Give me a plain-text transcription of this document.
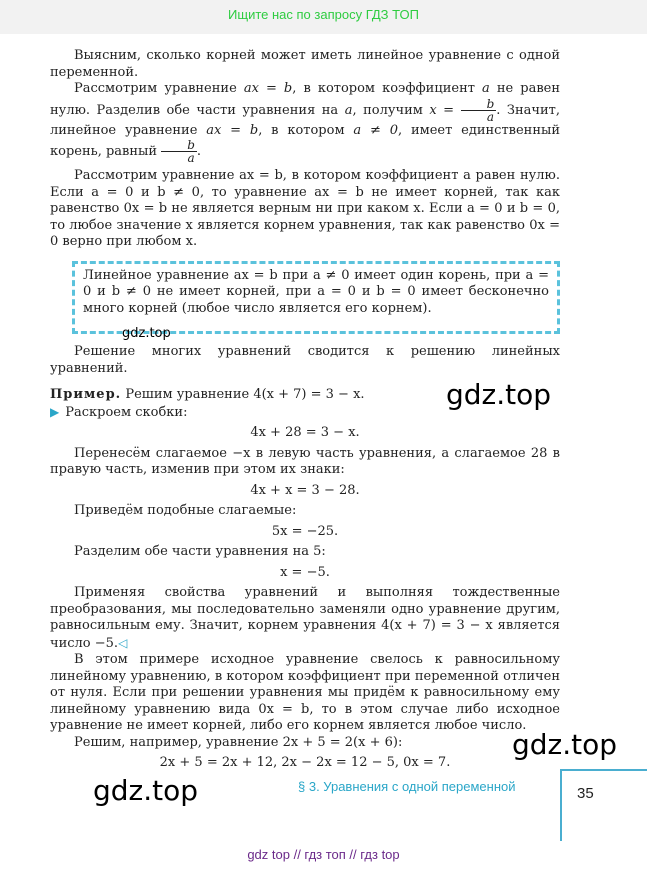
Ищите нас по запросу ГДЗ ТОП

Выясним, сколько корней может иметь линейное уравнение с одной переменной.

Рассмотрим уравнение ax = b, в котором коэффициент a не равен нулю. Разделив обе части уравнения на a, получим $x = \frac{b}{a}$ . Значит, линейное уравнение ax = b, в котором a ≠ 0, имеет единственный корень, равный $\frac{b}{a}$ .

Рассмотрим уравнение ax = b, в котором коэффициент a равен нулю. Если a = 0 и b ≠ 0, то уравнение ax = b не имеет корней, так как равенство 0x = b не является верным ни при каком x. Если a = 0 и b = 0, то любое значение x является корнем уравнения, так как равенство 0x = 0 верно при любом x.

Линейное уравнение ax = b при a ≠ 0 имеет один корень, при a = 0 и b ≠ 0 не имеет корней, при a = 0 и b = 0 имеет бесконечно много корней (любое число является его корнем).

Решение многих уравнений сводится к решению линейных уравнений.

Пример. Решим уравнение 4(x + 7) = 3 − x.

▶ Раскроем скобки:

4x + 28 = 3 − x.

Перенесём слагаемое −x в левую часть уравнения, а слагаемое 28 в правую часть, изменив при этом их знаки:

4x + x = 3 − 28.

Приведём подобные слагаемые:

5x = −25.

Разделим обе части уравнения на 5:

x = −5.

Применяя свойства уравнений и выполняя тождественные преобразования, мы последовательно заменяли одно уравнение другим, равносильным ему. Значит, корнем уравнения 4(x + 7) = 3 − x является число −5.◁

В этом примере исходное уравнение свелось к равносильному линейному уравнению, в котором коэффициент при переменной отличен от нуля. Если при решении уравнения мы придём к равносильному ему линейному уравнению вида 0x = b, то в этом случае либо исходное уравнение не имеет корней, либо его корнем является любое число.

Решим, например, уравнение 2x + 5 = 2(x + 6):

2x + 5 = 2x + 12, 2x − 2x = 12 − 5, 0x = 7.

gdz.top
gdz.top
gdz.top
gdz.top	§ 3. Уравнения с одной переменной	35
gdz top // гдз топ // гдз top
